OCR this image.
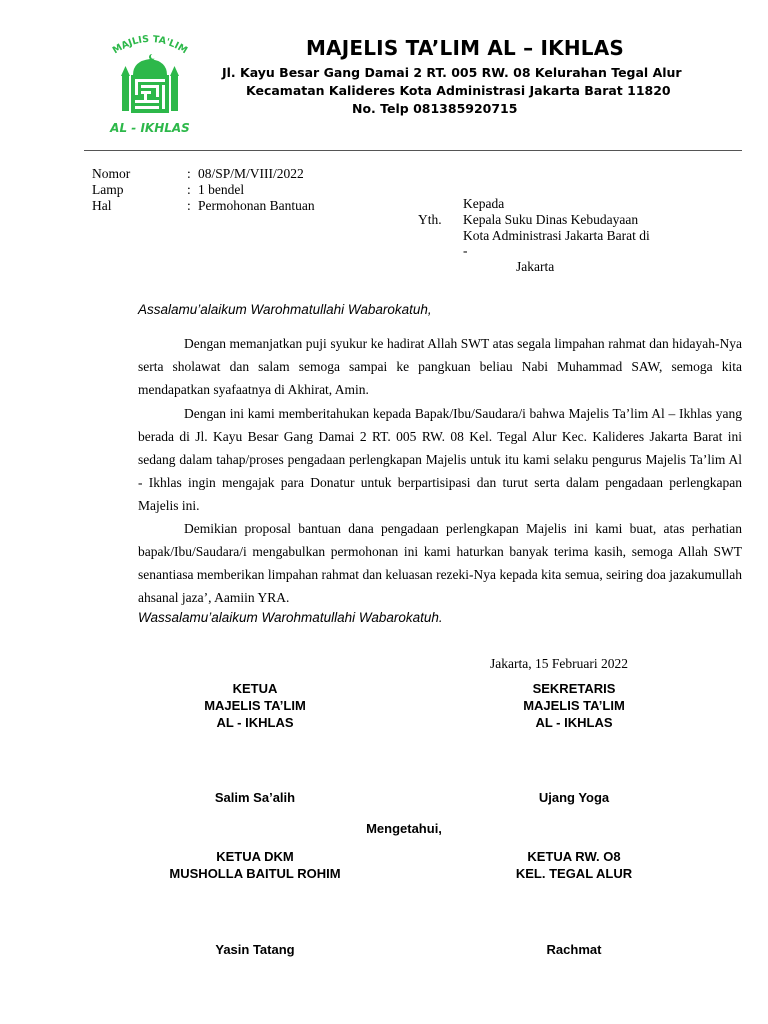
MAJLIS TA'LIM
AL - IKHLAS
MAJELIS TA’LIM AL – IKHLAS
Jl. Kayu Besar Gang Damai 2 RT. 005 RW. 08 Kelurahan Tegal Alur
Kecamatan Kalideres Kota Administrasi Jakarta Barat 11820
No. Telp 081385920715
Nomor	: 08/SP/M/VIII/2022
Lamp	: 1 bendel
Hal	: Permohonan Bantuan	Kepada
Yth. Kepala Suku Dinas Kebudayaan
Kota Administrasi Jakarta Barat di
-
Jakarta
Assalamu’alaikum Warohmatullahi Wabarokatuh,

Dengan memanjatkan puji syukur ke hadirat Allah SWT atas segala limpahan rahmat dan hidayah-Nya serta sholawat dan salam semoga sampai ke pangkuan beliau Nabi Muhammad SAW, semoga kita mendapatkan syafaatnya di Akhirat, Amin.

Dengan ini kami memberitahukan kepada Bapak/Ibu/Saudara/i bahwa Majelis Ta’lim Al – Ikhlas yang berada di Jl. Kayu Besar Gang Damai 2 RT. 005 RW. 08 Kel. Tegal Alur Kec. Kalideres Jakarta Barat ini sedang dalam tahap/proses pengadaan perlengkapan Majelis untuk itu kami selaku pengurus Majelis Ta’lim Al - Ikhlas ingin mengajak para Donatur untuk berpartisipasi dan turut serta dalam pengadaan perlengkapan Majelis ini.

Demikian proposal bantuan dana pengadaan perlengkapan Majelis ini kami buat, atas perhatian bapak/Ibu/Saudara/i mengabulkan permohonan ini kami haturkan banyak terima kasih, semoga Allah SWT senantiasa memberikan limpahan rahmat dan keluasan rezeki-Nya kepada kita semua, seiring doa jazakumullah ahsanal jaza’, Aamiin YRA.

Wassalamu’alaikum Warohmatullahi Wabarokatuh.
Jakarta, 15 Februari 2022
KETUA
MAJELIS TA’LIM
AL - IKHLAS
SEKRETARIS
MAJELIS TA’LIM
AL - IKHLAS
Salim Sa’alih	Ujang Yoga
Mengetahui,
KETUA DKM
MUSHOLLA BAITUL ROHIM
KETUA RW. O8
KEL. TEGAL ALUR
Yasin Tatang	Rachmat
